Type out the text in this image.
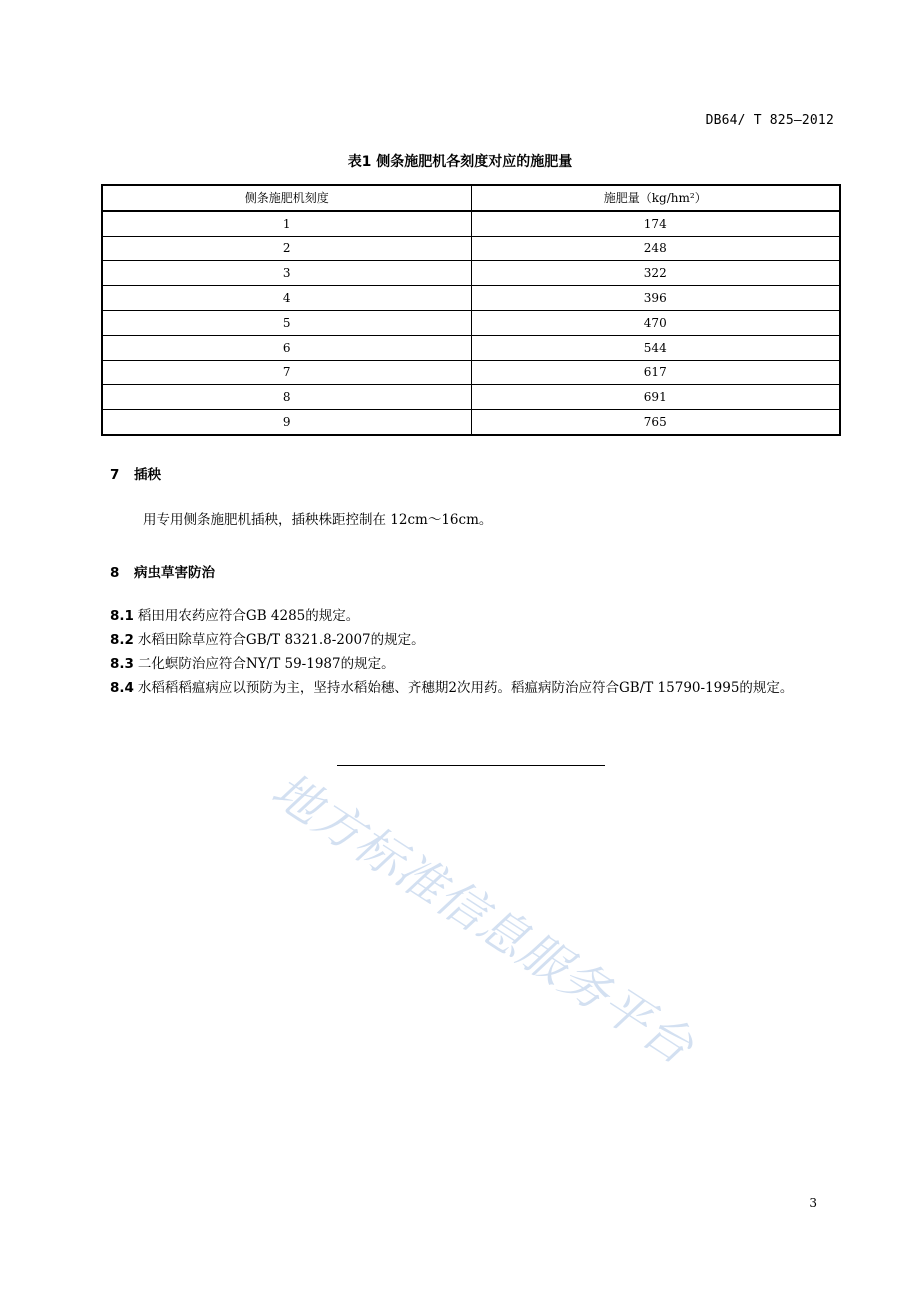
DB64/ T 825—2012
表1 侧条施肥机各刻度对应的施肥量
侧条施肥机刻度	施肥量（kg/hm²）
1	174
2	248
3	322
4	396
5	470
6	544
7	617
8	691
9	765
7 插秧
用专用侧条施肥机插秧，插秧株距控制在 12cm～16cm。
8 病虫草害防治
8.1 稻田用农药应符合GB 4285的规定。
8.2 水稻田除草应符合GB/T 8321.8-2007的规定。
8.3 二化螟防治应符合NY/T 59-1987的规定。
8.4 水稻稻稻瘟病应以预防为主，坚持水稻始穗、齐穗期2次用药。稻瘟病防治应符合GB/T 15790-1995的规定。
地方标准信息服务平台
3
